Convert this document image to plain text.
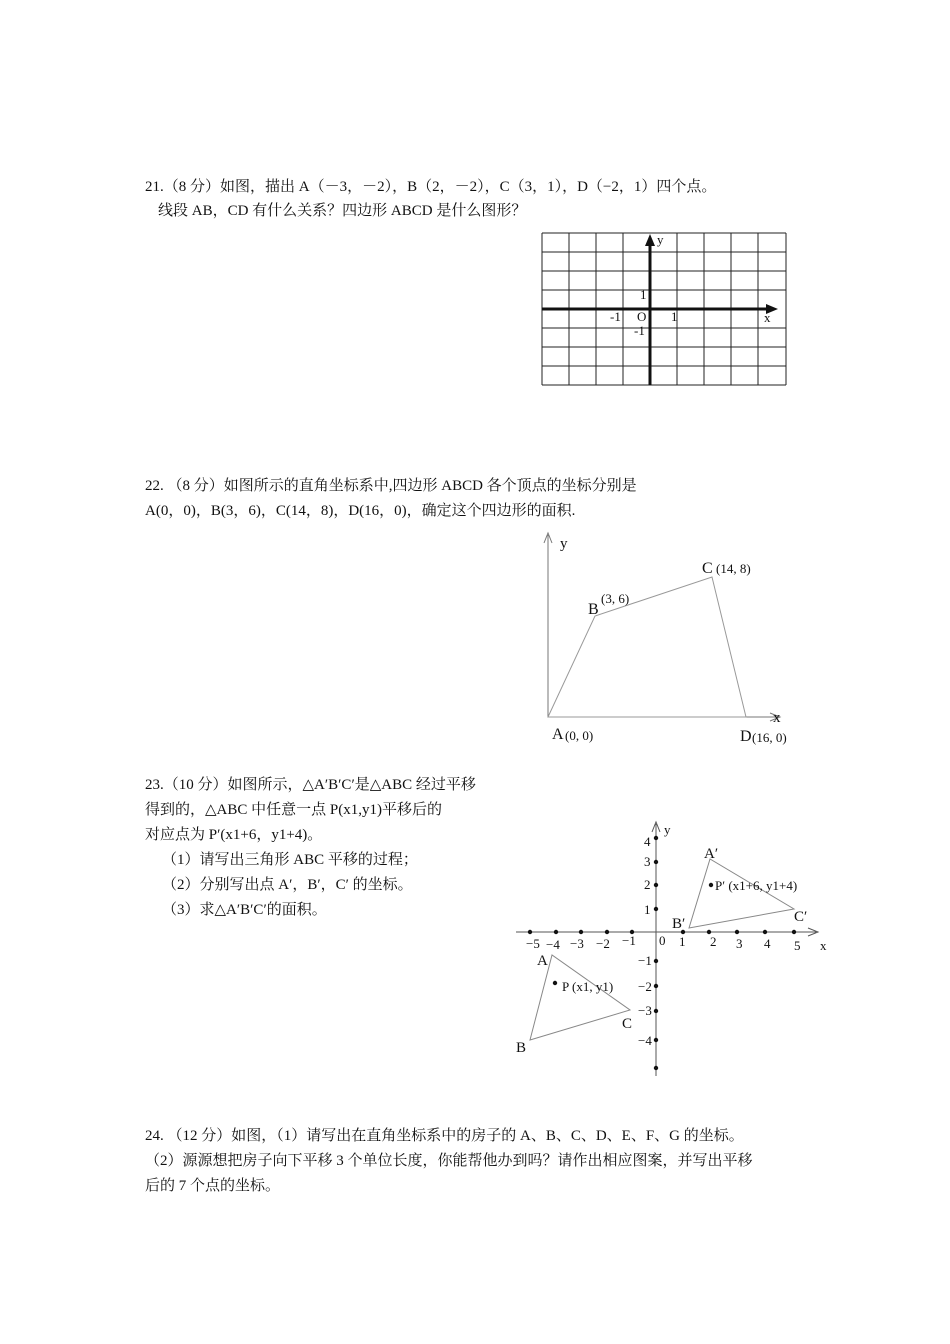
21.（8 分）如图，描出 A（－3，－2），B（2，－2），C（3，1），D（−2，1）四个点。
线段 AB，CD 有什么关系？四边形 ABCD 是什么图形？
y
x
O
1
1
-1
-1
22. （8 分）如图所示的直角坐标系中,四边形 ABCD 各个顶点的坐标分别是
A(0，0)，B(3，6)，C(14，8)，D(16，0)，确定这个四边形的面积.
y
x
A (0, 0)
B
(3, 6)
C (14, 8)
D (16, 0)
23.（10 分）如图所示，△A′B′C′是△ABC 经过平移
得到的，△ABC 中任意一点 P(x1,y1)平移后的
对应点为 P′(x1+6，y1+4)。
（1）请写出三角形 ABC 平移的过程；
（2）分别写出点 A′，B′，C′ 的坐标。
（3）求△A′B′C′的面积。
y
x
0
−5 −4 −3 −2 −1	1 2 3 4 5
4
3
2
1
−1
−2
−3
−4
A
B
C
A′
B′	C′
P (x1, y1)
P′ (x1+6, y1+4)
24. （12 分）如图，（1）请写出在直角坐标系中的房子的 A、B、C、D、E、F、G 的坐标。
（2）源源想把房子向下平移 3 个单位长度，你能帮他办到吗？请作出相应图案，并写出平移
后的 7 个点的坐标。
